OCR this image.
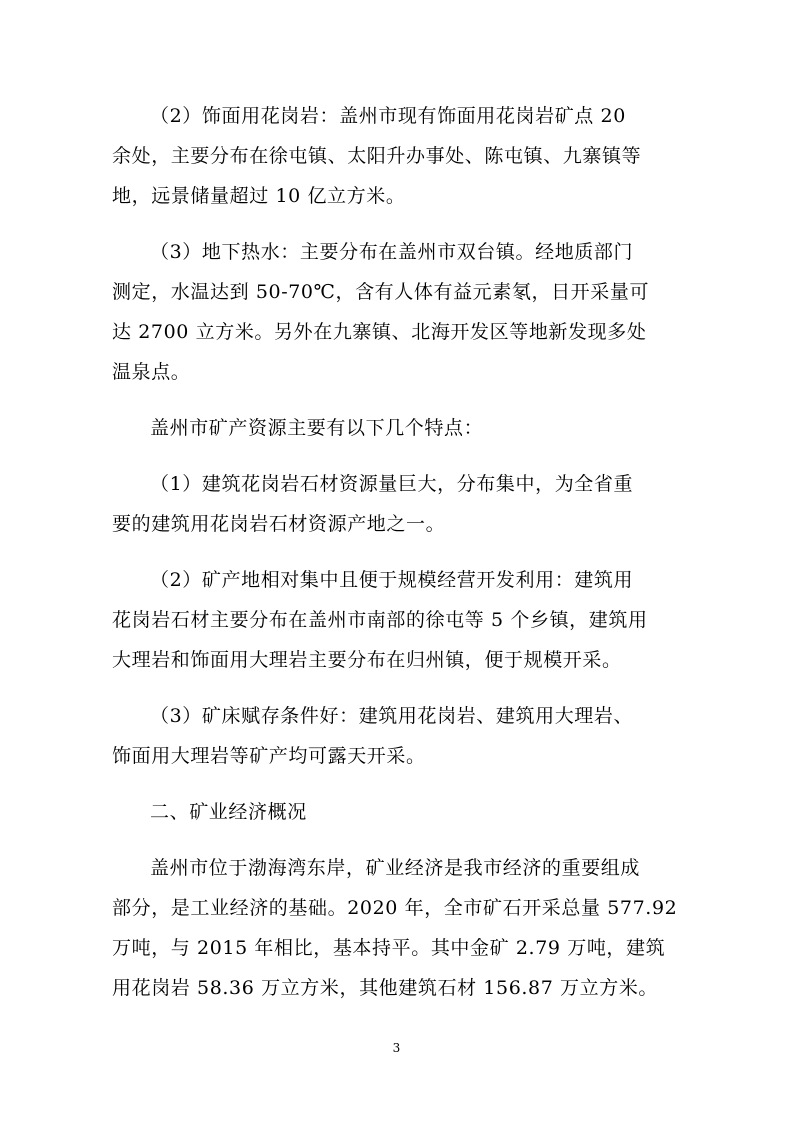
（2）饰面用花岗岩：盖州市现有饰面用花岗岩矿点 20
余处，主要分布在徐屯镇、太阳升办事处、陈屯镇、九寨镇等
地，远景储量超过 10 亿立方米。

（3）地下热水：主要分布在盖州市双台镇。经地质部门
测定，水温达到 50-70℃，含有人体有益元素氡，日开采量可
达 2700 立方米。另外在九寨镇、北海开发区等地新发现多处
温泉点。

盖州市矿产资源主要有以下几个特点：

（1）建筑花岗岩石材资源量巨大，分布集中，为全省重
要的建筑用花岗岩石材资源产地之一。

（2）矿产地相对集中且便于规模经营开发利用：建筑用
花岗岩石材主要分布在盖州市南部的徐屯等 5 个乡镇，建筑用
大理岩和饰面用大理岩主要分布在归州镇，便于规模开采。

（3）矿床赋存条件好：建筑用花岗岩、建筑用大理岩、
饰面用大理岩等矿产均可露天开采。

二、矿业经济概况

盖州市位于渤海湾东岸，矿业经济是我市经济的重要组成
部分，是工业经济的基础。2020 年，全市矿石开采总量 577.92
万吨，与 2015 年相比，基本持平。其中金矿 2.79 万吨，建筑
用花岗岩 58.36 万立方米，其他建筑石材 156.87 万立方米。

3
